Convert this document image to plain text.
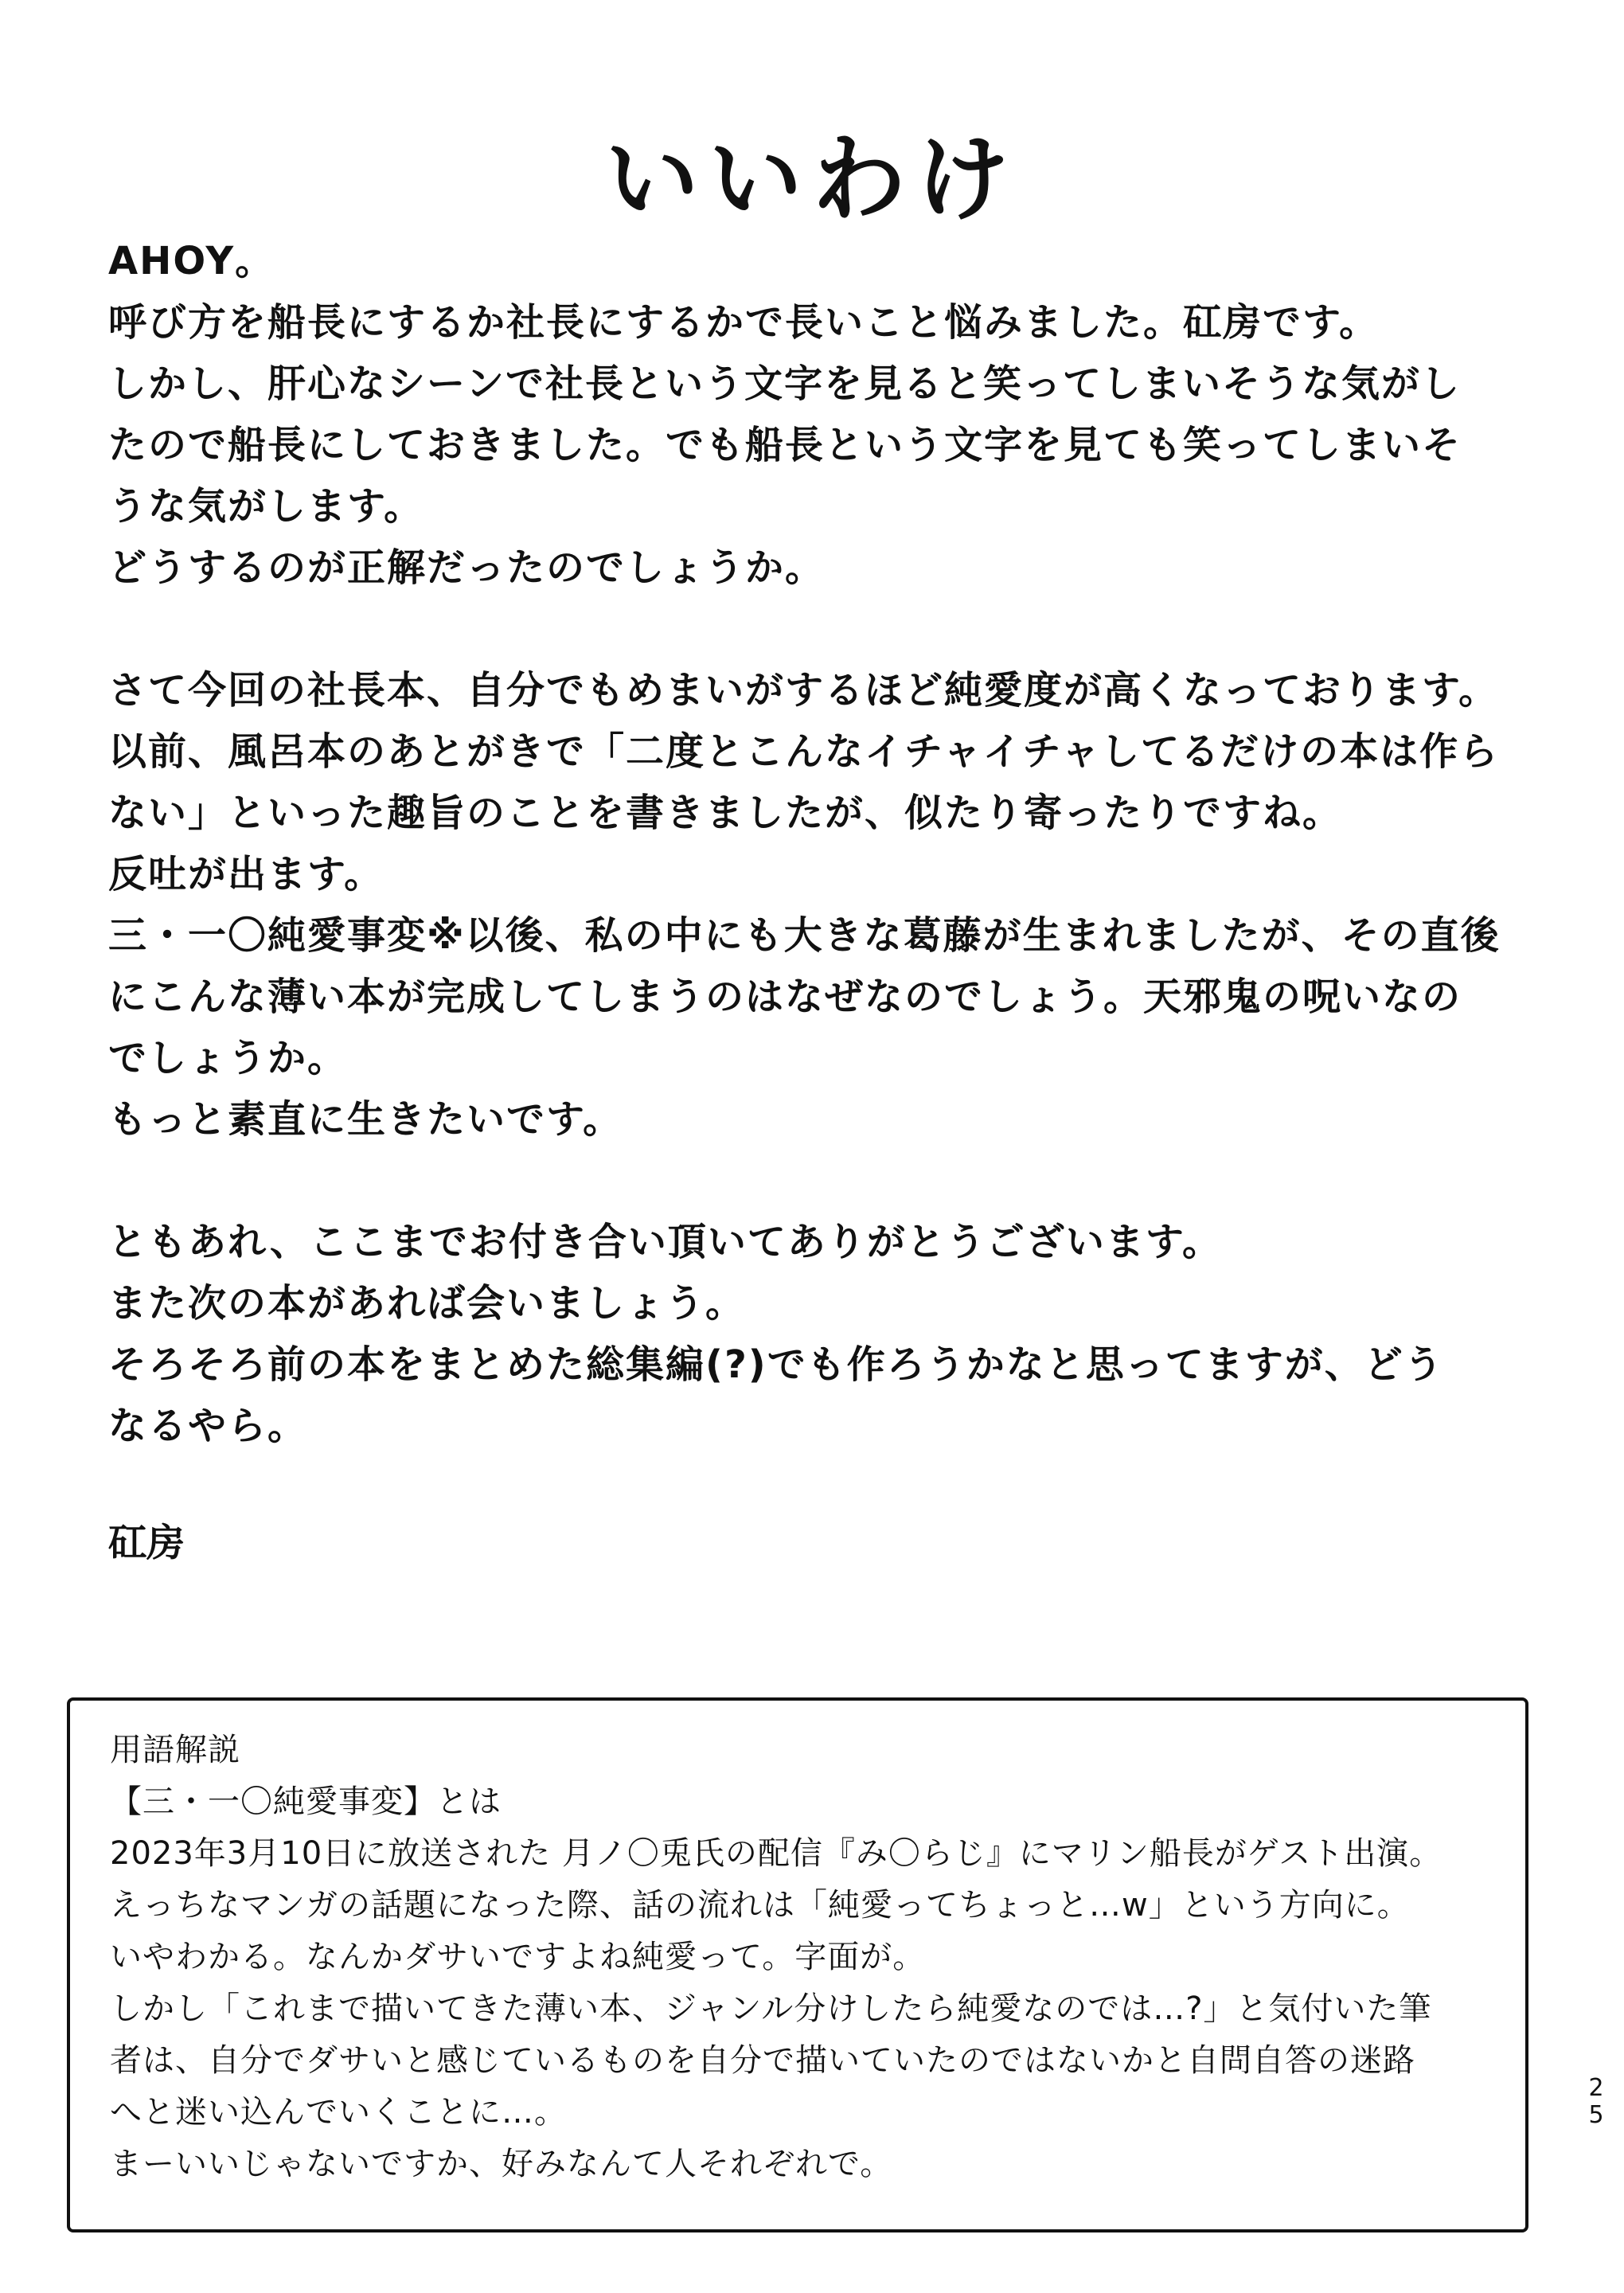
いいわけ
AHOY。
呼び方を船長にするか社長にするかで長いこと悩みました。矼房です。
しかし、肝心なシーンで社長という文字を見ると笑ってしまいそうな気がし
たので船長にしておきました。でも船長という文字を見ても笑ってしまいそ
うな気がします。
どうするのが正解だったのでしょうか。
さて今回の社長本、自分でもめまいがするほど純愛度が高くなっております。
以前、風呂本のあとがきで「二度とこんなイチャイチャしてるだけの本は作ら
ない」といった趣旨のことを書きましたが、似たり寄ったりですね。
反吐が出ます。
三・一〇純愛事変※以後、私の中にも大きな葛藤が生まれましたが、その直後
にこんな薄い本が完成してしまうのはなぜなのでしょう。天邪鬼の呪いなの
でしょうか。
もっと素直に生きたいです。
ともあれ、ここまでお付き合い頂いてありがとうございます。
また次の本があれば会いましょう。
そろそろ前の本をまとめた総集編(?)でも作ろうかなと思ってますが、どう
なるやら。
矼房
用語解説
【三・一〇純愛事変】とは
2023年3月10日に放送された 月ノ〇兎氏の配信『み〇らじ』にマリン船長がゲスト出演。
えっちなマンガの話題になった際、話の流れは「純愛ってちょっと…w」という方向に。
いやわかる。なんかダサいですよね純愛って。字面が。
しかし「これまで描いてきた薄い本、ジャンル分けしたら純愛なのでは…?」と気付いた筆
者は、自分でダサいと感じているものを自分で描いていたのではないかと自問自答の迷路
へと迷い込んでいくことに…。
まーいいじゃないですか、好みなんて人それぞれで。
2
5
